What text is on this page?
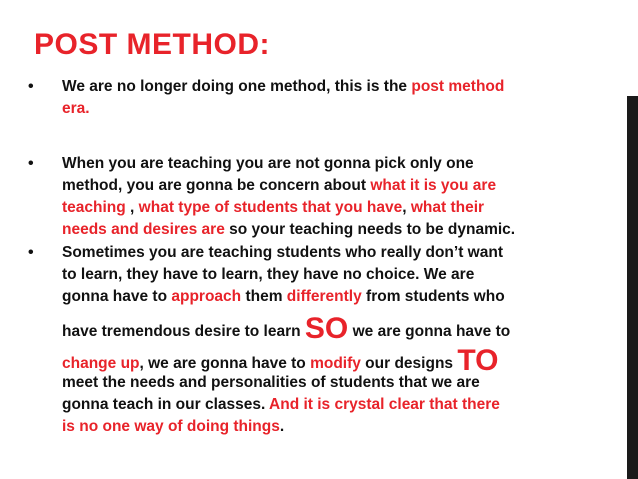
POST METHOD:
• We are no longer doing one method, this is the post method
era.
• When you are teaching you are not gonna pick only one
method, you are gonna be concern about what it is you are
teaching , what type of students that you have, what their
needs and desires are so your teaching needs to be dynamic.
• Sometimes you are teaching students who really don’t want
to learn, they have to learn, they have no choice. We are
gonna have to approach them differently from students who
have tremendous desire to learn SO we are gonna have to
change up, we are gonna have to modify our designs TO
meet the needs and personalities of students that we are
gonna teach in our classes. And it is crystal clear that there
is no one way of doing things.
